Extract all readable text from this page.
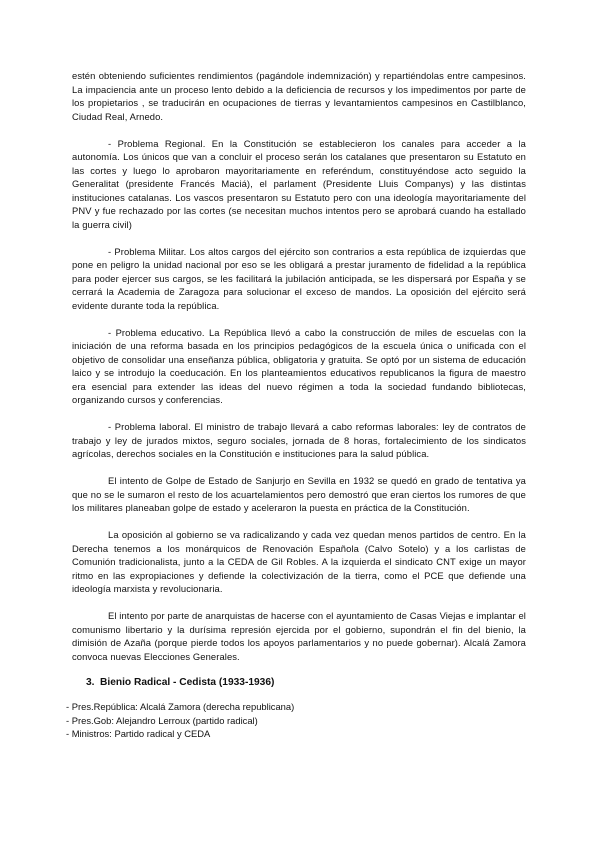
estén obteniendo suficientes rendimientos (pagándole indemnización) y repartiéndolas entre campesinos. La impaciencia ante un proceso lento debido a la deficiencia de recursos y los impedimentos por parte de los propietarios , se traducirán en ocupaciones de tierras y levantamientos campesinos en Castilblanco, Ciudad Real, Arnedo.

- Problema Regional. En la Constitución se establecieron los canales para acceder a la autonomía. Los únicos que van a concluir el proceso serán los catalanes que presentaron su Estatuto en las cortes y luego lo aprobaron mayoritariamente en referéndum, constituyéndose acto seguido la Generalitat (presidente Francés Maciá), el parlament (Presidente Lluis Companys) y las distintas instituciones catalanas. Los vascos presentaron su Estatuto pero con una ideología mayoritariamente del PNV y fue rechazado por las cortes (se necesitan muchos intentos pero se aprobará cuando ha estallado la guerra civil)

- Problema Militar. Los altos cargos del ejército son contrarios a esta república de izquierdas que pone en peligro la unidad nacional por eso se les obligará a prestar juramento de fidelidad a la república para poder ejercer sus cargos, se les facilitará la jubilación anticipada, se les dispersará por España y se cerrará la Academia de Zaragoza para solucionar el exceso de mandos. La oposición del ejército será evidente durante toda la república.

- Problema educativo. La República llevó a cabo la construcción de miles de escuelas con la iniciación de una reforma basada en los principios pedagógicos de la escuela única o unificada con el objetivo de consolidar una enseñanza pública, obligatoria y gratuita. Se optó por un sistema de educación laico y se introdujo la coeducación. En los planteamientos educativos republicanos la figura de maestro era esencial para extender las ideas del nuevo régimen a toda la sociedad fundando bibliotecas, organizando cursos y conferencias.

- Problema laboral. El ministro de trabajo llevará a cabo reformas laborales: ley de contratos de trabajo y ley de jurados mixtos, seguro sociales, jornada de 8 horas, fortalecimiento de los sindicatos agrícolas, derechos sociales en la Constitución e instituciones para la salud pública.

El intento de Golpe de Estado de Sanjurjo en Sevilla en 1932 se quedó en grado de tentativa ya que no se le sumaron el resto de los acuartelamientos pero demostró que eran ciertos los rumores de que los militares planeaban golpe de estado y aceleraron la puesta en práctica de la Constitución.

La oposición al gobierno se va radicalizando y cada vez quedan menos partidos de centro. En la Derecha tenemos a los monárquicos de Renovación Española (Calvo Sotelo) y a los carlistas de Comunión tradicionalista, junto a la CEDA de Gil Robles. A la izquierda el sindicato CNT exige un mayor ritmo en las expropiaciones y defiende la colectivización de la tierra, como el PCE que defiende una ideología marxista y revolucionaria.

El intento por parte de anarquistas de hacerse con el ayuntamiento de Casas Viejas e implantar el comunismo libertario y la durísima represión ejercida por el gobierno, supondrán el fin del bienio, la dimisión de Azaña (porque pierde todos los apoyos parlamentarios y no puede gobernar). Alcalá Zamora convoca nuevas Elecciones Generales.

3. Bienio Radical - Cedista (1933-1936)
- Pres.República: Alcalá Zamora (derecha republicana)
- Pres.Gob: Alejandro Lerroux (partido radical)
- Ministros: Partido radical y CEDA
